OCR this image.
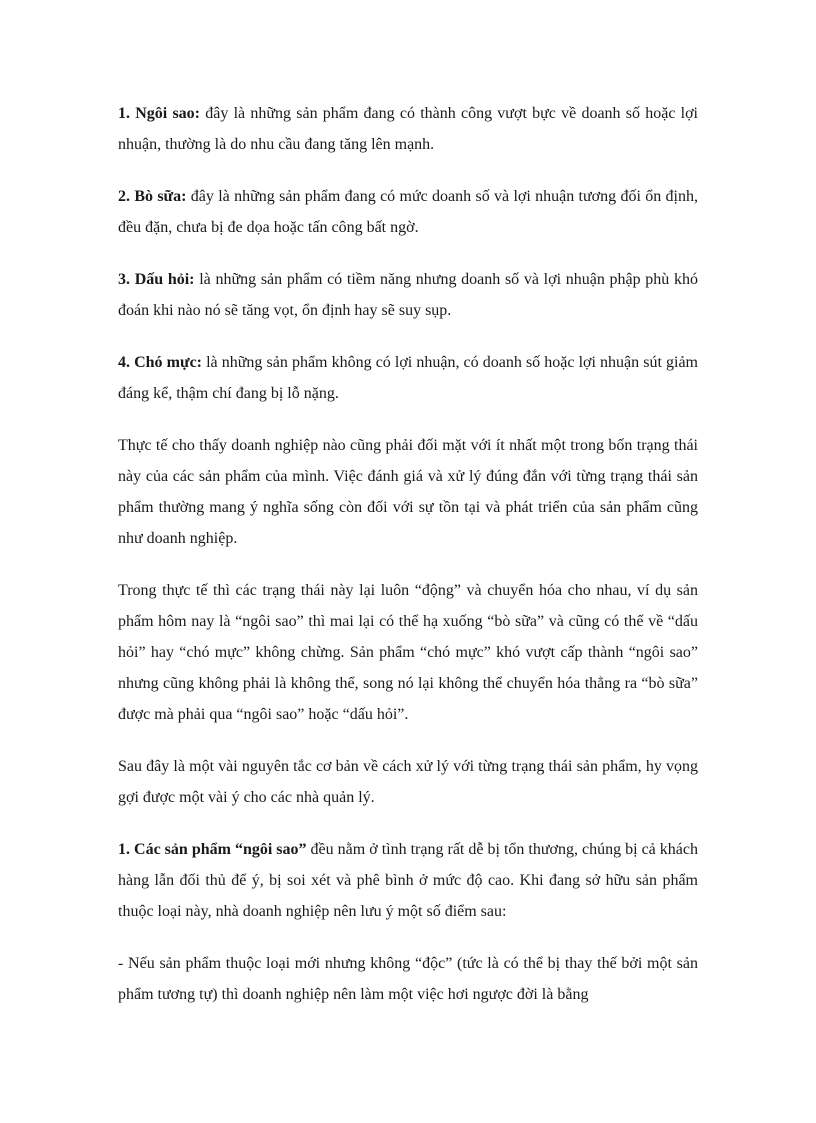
1. Ngôi sao: đây là những sản phẩm đang có thành công vượt bực về doanh số hoặc lợi nhuận, thường là do nhu cầu đang tăng lên mạnh.

2. Bò sữa: đây là những sản phẩm đang có mức doanh số và lợi nhuận tương đối ổn định, đều đặn, chưa bị đe dọa hoặc tấn công bất ngờ.

3. Dấu hỏi: là những sản phẩm có tiềm năng nhưng doanh số và lợi nhuận phập phù khó đoán khi nào nó sẽ tăng vọt, ổn định hay sẽ suy sụp.

4. Chó mực: là những sản phẩm không có lợi nhuận, có doanh số hoặc lợi nhuận sút giảm đáng kể, thậm chí đang bị lỗ nặng.

Thực tế cho thấy doanh nghiệp nào cũng phải đối mặt với ít nhất một trong bốn trạng thái này của các sản phẩm của mình. Việc đánh giá và xử lý đúng đắn với từng trạng thái sản phẩm thường mang ý nghĩa sống còn đối với sự tồn tại và phát triển của sản phẩm cũng như doanh nghiệp.

Trong thực tế thì các trạng thái này lại luôn “động” và chuyển hóa cho nhau, ví dụ sản phẩm hôm nay là “ngôi sao” thì mai lại có thể hạ xuống “bò sữa” và cũng có thể về “dấu hỏi” hay “chó mực” không chừng. Sản phẩm “chó mực” khó vượt cấp thành “ngôi sao” nhưng cũng không phải là không thể, song nó lại không thể chuyển hóa thẳng ra “bò sữa” được mà phải qua “ngôi sao” hoặc “dấu hỏi”.

Sau đây là một vài nguyên tắc cơ bản về cách xử lý với từng trạng thái sản phẩm, hy vọng gợi được một vài ý cho các nhà quản lý.

1. Các sản phẩm “ngôi sao” đều nằm ở tình trạng rất dễ bị tổn thương, chúng bị cả khách hàng lẫn đối thủ để ý, bị soi xét và phê bình ở mức độ cao. Khi đang sở hữu sản phẩm thuộc loại này, nhà doanh nghiệp nên lưu ý một số điểm sau:

- Nếu sản phẩm thuộc loại mới nhưng không “độc” (tức là có thể bị thay thế bởi một sản phẩm tương tự) thì doanh nghiệp nên làm một việc hơi ngược đời là bằng
